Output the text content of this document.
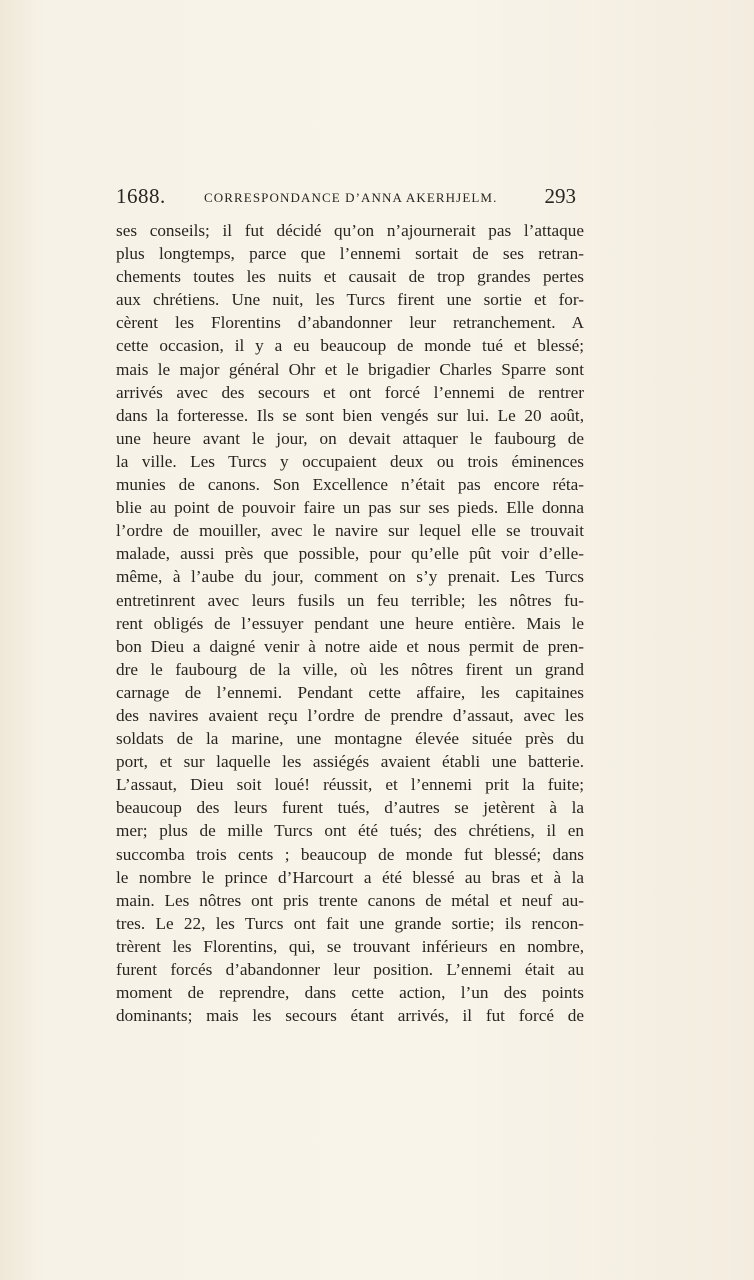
1688.	CORRESPONDANCE D’ANNA AKERHJELM. 293
ses conseils; il fut décidé qu’on n’ajournerait pas l’attaque
plus longtemps, parce que l’ennemi sortait de ses retran-
chements toutes les nuits et causait de trop grandes pertes
aux chrétiens. Une nuit, les Turcs firent une sortie et for-
cèrent les Florentins d’abandonner leur retranchement. A
cette occasion, il y a eu beaucoup de monde tué et blessé;
mais le major général Ohr et le brigadier Charles Sparre sont
arrivés avec des secours et ont forcé l’ennemi de rentrer
dans la forteresse. Ils se sont bien vengés sur lui. Le 20 août,
une heure avant le jour, on devait attaquer le faubourg de
la ville. Les Turcs y occupaient deux ou trois éminences
munies de canons. Son Excellence n’était pas encore réta-
blie au point de pouvoir faire un pas sur ses pieds. Elle donna
l’ordre de mouiller, avec le navire sur lequel elle se trouvait
malade, aussi près que possible, pour qu’elle pût voir d’elle-
même, à l’aube du jour, comment on s’y prenait. Les Turcs
entretinrent avec leurs fusils un feu terrible; les nôtres fu-
rent obligés de l’essuyer pendant une heure entière. Mais le
bon Dieu a daigné venir à notre aide et nous permit de pren-
dre le faubourg de la ville, où les nôtres firent un grand
carnage de l’ennemi. Pendant cette affaire, les capitaines
des navires avaient reçu l’ordre de prendre d’assaut, avec les
soldats de la marine, une montagne élevée située près du
port, et sur laquelle les assiégés avaient établi une batterie.
L’assaut, Dieu soit loué! réussit, et l’ennemi prit la fuite;
beaucoup des leurs furent tués, d’autres se jetèrent à la
mer; plus de mille Turcs ont été tués; des chrétiens, il en
succomba trois cents ; beaucoup de monde fut blessé; dans
le nombre le prince d’Harcourt a été blessé au bras et à la
main. Les nôtres ont pris trente canons de métal et neuf au-
tres. Le 22, les Turcs ont fait une grande sortie; ils rencon-
trèrent les Florentins, qui, se trouvant inférieurs en nombre,
furent forcés d’abandonner leur position. L’ennemi était au
moment de reprendre, dans cette action, l’un des points
dominants; mais les secours étant arrivés, il fut forcé de
